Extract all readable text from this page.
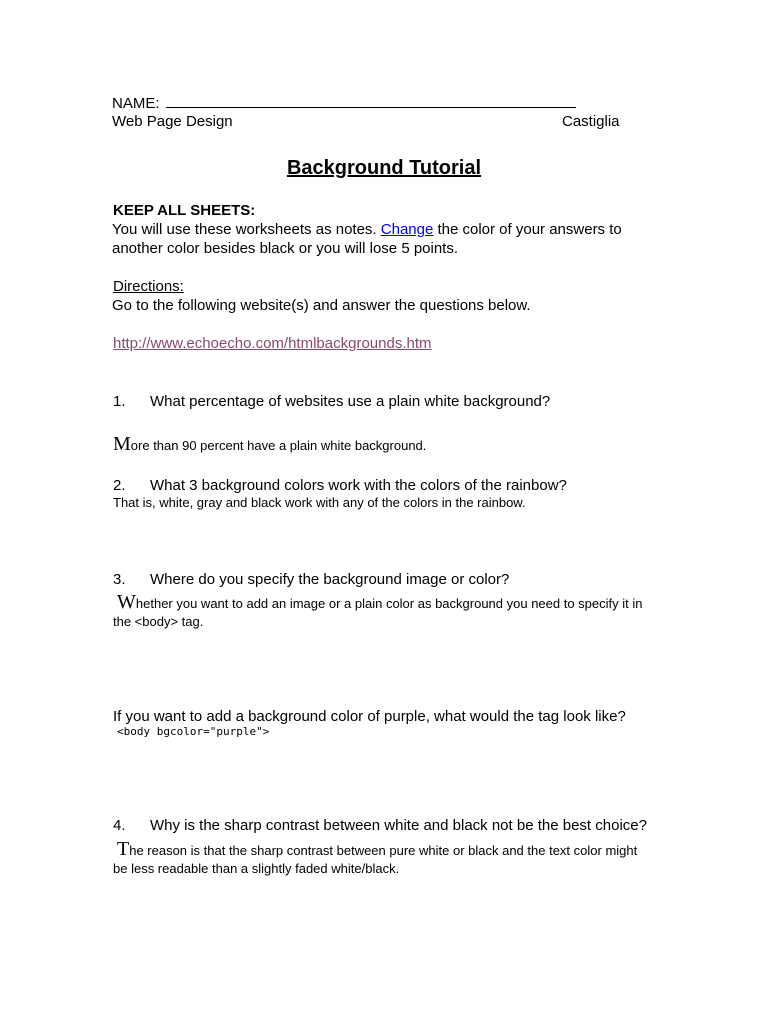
NAME:
Web Page Design	Castiglia
Background Tutorial
KEEP ALL SHEETS:
You will use these worksheets as notes. Change the color of your answers to
another color besides black or you will lose 5 points.
Directions:
Go to the following website(s) and answer the questions below.
http://www.echoecho.com/htmlbackgrounds.htm
1. What percentage of websites use a plain white background?
More than 90 percent have a plain white background.
2. What 3 background colors work with the colors of the rainbow?
That is, white, gray and black work with any of the colors in the rainbow.
3. Where do you specify the background image or color?
Whether you want to add an image or a plain color as background you need to specify it in
the <body> tag.
If you want to add a background color of purple, what would the tag look like?
<body bgcolor="purple">
4. Why is the sharp contrast between white and black not be the best choice?
The reason is that the sharp contrast between pure white or black and the text color might
be less readable than a slightly faded white/black.
